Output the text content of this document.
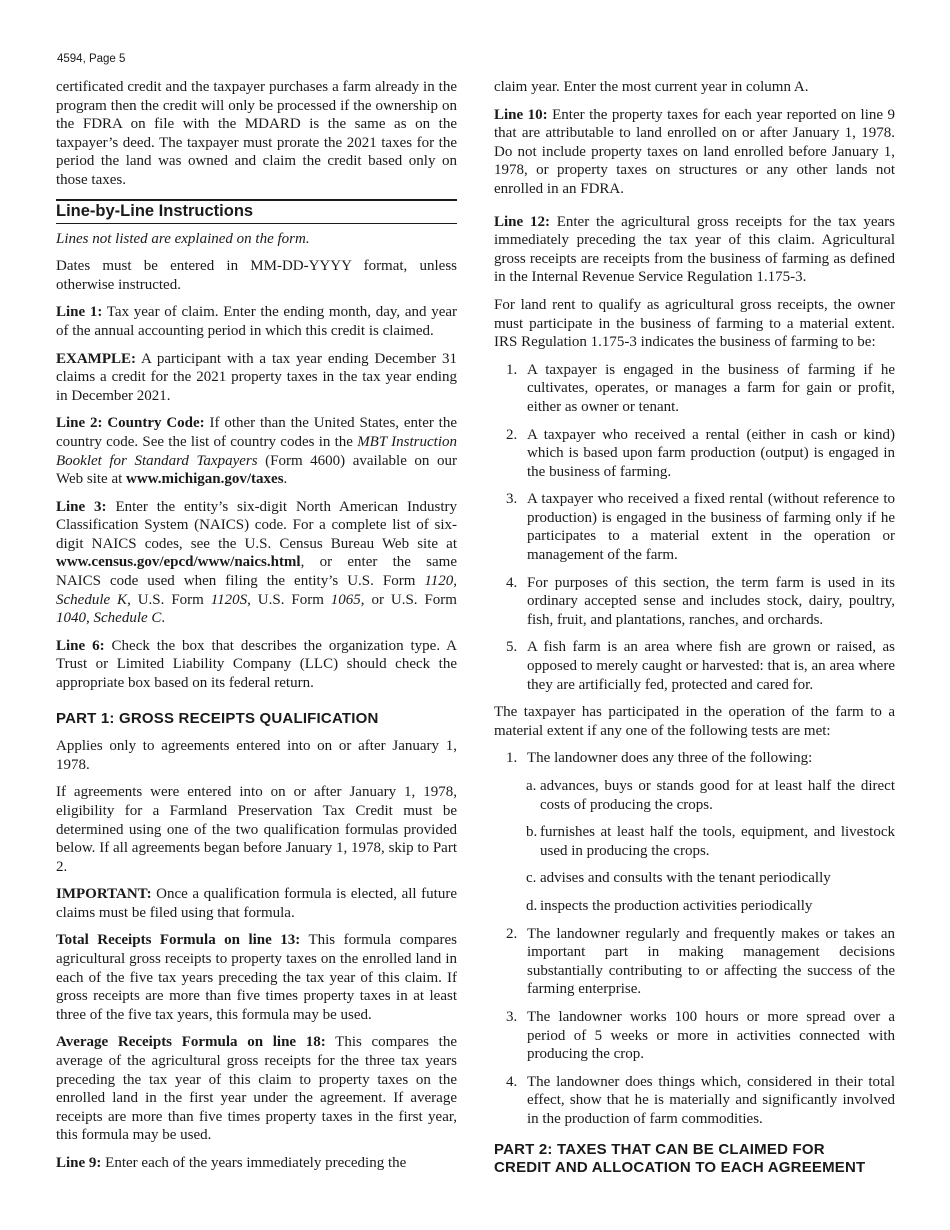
4594, Page 5

certificated credit and the taxpayer purchases a farm already in the program then the credit will only be processed if the ownership on the FDRA on file with the MDARD is the same as on the taxpayer’s deed. The taxpayer must prorate the 2021 taxes for the period the land was owned and claim the credit based only on those taxes.

Line-by-Line Instructions

Lines not listed are explained on the form.

Dates must be entered in MM-DD-YYYY format, unless otherwise instructed.

Line 1: Tax year of claim. Enter the ending month, day, and year of the annual accounting period in which this credit is claimed.

EXAMPLE: A participant with a tax year ending December 31 claims a credit for the 2021 property taxes in the tax year ending in December 2021.

Line 2: Country Code: If other than the United States, enter the country code. See the list of country codes in the MBT Instruction Booklet for Standard Taxpayers (Form 4600) available on our Web site at www.michigan.gov/taxes.

Line 3: Enter the entity’s six-digit North American Industry Classification System (NAICS) code. For a complete list of six-digit NAICS codes, see the U.S. Census Bureau Web site at www.census.gov/epcd/www/naics.html, or enter the same NAICS code used when filing the entity’s U.S. Form 1120, Schedule K, U.S. Form 1120S, U.S. Form 1065, or U.S. Form 1040, Schedule C.

Line 6: Check the box that describes the organization type. A Trust or Limited Liability Company (LLC) should check the appropriate box based on its federal return.

PART 1: GROSS RECEIPTS QUALIFICATION

Applies only to agreements entered into on or after January 1, 1978.

If agreements were entered into on or after January 1, 1978, eligibility for a Farmland Preservation Tax Credit must be determined using one of the two qualification formulas provided below. If all agreements began before January 1, 1978, skip to Part 2.

IMPORTANT: Once a qualification formula is elected, all future claims must be filed using that formula.

Total Receipts Formula on line 13: This formula compares agricultural gross receipts to property taxes on the enrolled land in each of the five tax years preceding the tax year of this claim. If gross receipts are more than five times property taxes in at least three of the five tax years, this formula may be used.

Average Receipts Formula on line 18: This compares the average of the agricultural gross receipts for the three tax years preceding the tax year of this claim to property taxes on the enrolled land in the first year under the agreement. If average receipts are more than five times property taxes in the first year, this formula may be used.

Line 9: Enter each of the years immediately preceding the

claim year. Enter the most current year in column A.

Line 10: Enter the property taxes for each year reported on line 9 that are attributable to land enrolled on or after January 1, 1978. Do not include property taxes on land enrolled before January 1, 1978, or property taxes on structures or any other lands not enrolled in an FDRA.

Line 12: Enter the agricultural gross receipts for the tax years immediately preceding the tax year of this claim. Agricultural gross receipts are receipts from the business of farming as defined in the Internal Revenue Service Regulation 1.175-3.

For land rent to qualify as agricultural gross receipts, the owner must participate in the business of farming to a material extent. IRS Regulation 1.175-3 indicates the business of farming to be:

1. A taxpayer is engaged in the business of farming if he cultivates, operates, or manages a farm for gain or profit, either as owner or tenant.
2. A taxpayer who received a rental (either in cash or kind) which is based upon farm production (output) is engaged in the business of farming.
3. A taxpayer who received a fixed rental (without reference to production) is engaged in the business of farming only if he participates to a material extent in the operation or management of the farm.
4. For purposes of this section, the term farm is used in its ordinary accepted sense and includes stock, dairy, poultry, fish, fruit, and plantations, ranches, and orchards.
5. A fish farm is an area where fish are grown or raised, as opposed to merely caught or harvested: that is, an area where they are artificially fed, protected and cared for.

The taxpayer has participated in the operation of the farm to a material extent if any one of the following tests are met:

1. The landowner does any three of the following:
a. advances, buys or stands good for at least half the direct costs of producing the crops.
b. furnishes at least half the tools, equipment, and livestock used in producing the crops.
c. advises and consults with the tenant periodically
d. inspects the production activities periodically
2. The landowner regularly and frequently makes or takes an important part in making management decisions substantially contributing to or affecting the success of the farming enterprise.
3. The landowner works 100 hours or more spread over a period of 5 weeks or more in activities connected with producing the crop.
4. The landowner does things which, considered in their total effect, show that he is materially and significantly involved in the production of farm commodities.
PART 2: TAXES THAT CAN BE CLAIMED FOR
CREDIT AND ALLOCATION TO EACH AGREEMENT
